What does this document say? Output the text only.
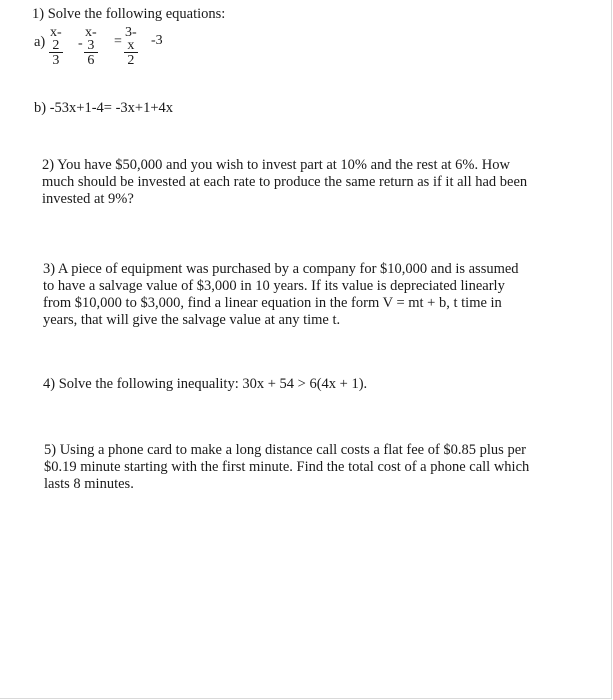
1) Solve the following equations:
$a) \frac{x-2}{3} - \frac{x-3}{6} = \frac{3-x}{2} -3$
b) -53x+1-4= -3x+1+4x
2) You have $50,000 and you wish to invest part at 10% and the rest at 6%. How
much should be invested at each rate to produce the same return as if it all had been
invested at 9%?
3) A piece of equipment was purchased by a company for $10,000 and is assumed
to have a salvage value of $3,000 in 10 years. If its value is depreciated linearly
from $10,000 to $3,000, find a linear equation in the form V = mt + b, t time in
years, that will give the salvage value at any time t.
4) Solve the following inequality: 30x + 54 > 6(4x + 1).
5) Using a phone card to make a long distance call costs a flat fee of $0.85 plus per
$0.19 minute starting with the first minute. Find the total cost of a phone call which
lasts 8 minutes.
